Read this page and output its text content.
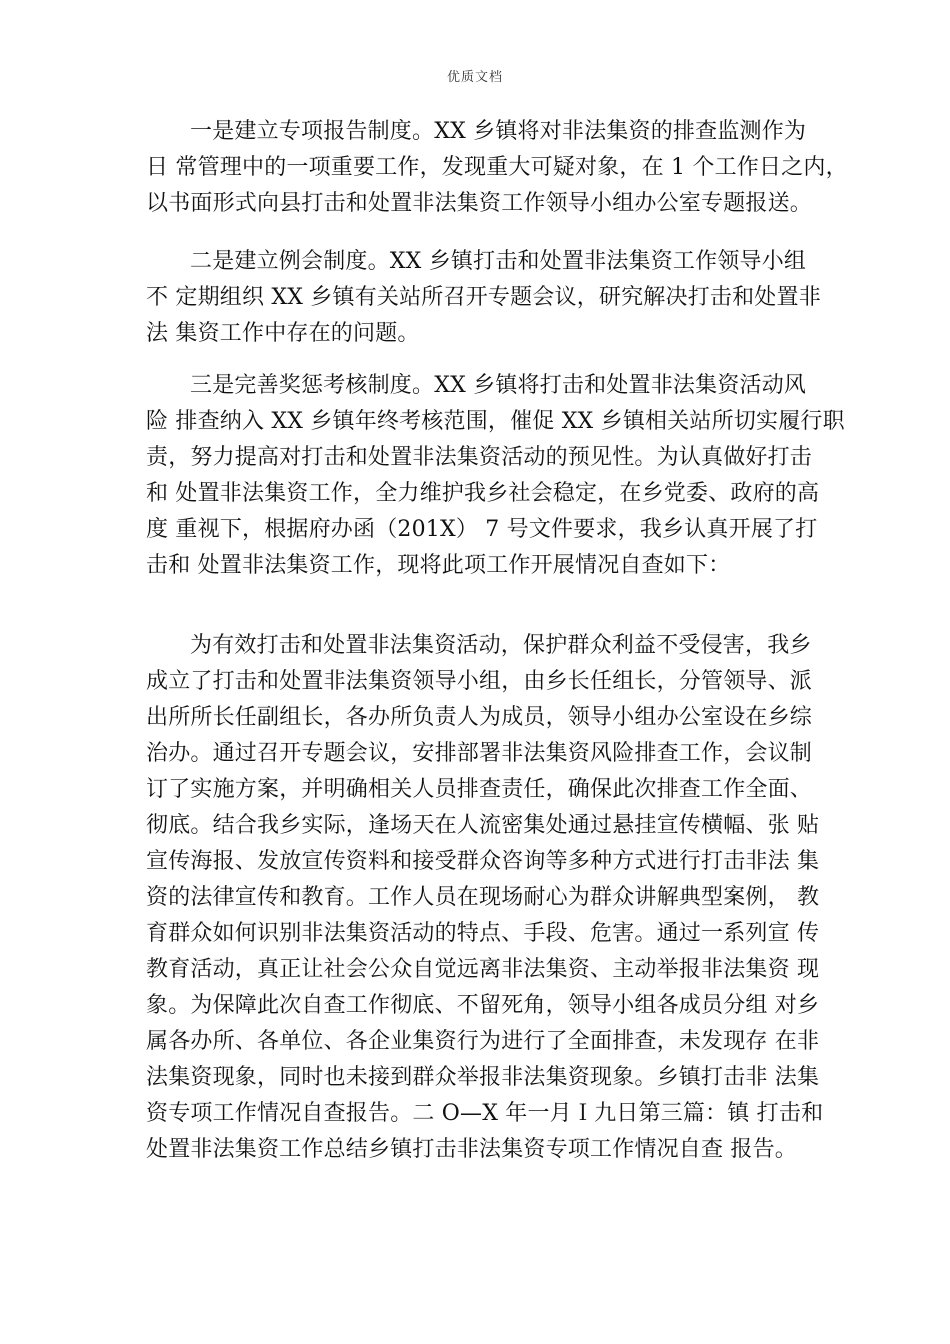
优质文档
一是建立专项报告制度。XX 乡镇将对非法集资的排查监测作为
日 常管理中的一项重要工作，发现重大可疑对象，在 1 个工作日之内，
以书面形式向县打击和处置非法集资工作领导小组办公室专题报送。
二是建立例会制度。XX 乡镇打击和处置非法集资工作领导小组
不 定期组织 XX 乡镇有关站所召开专题会议，研究解决打击和处置非
法 集资工作中存在的问题。
三是完善奖惩考核制度。XX 乡镇将打击和处置非法集资活动风
险 排查纳入 XX 乡镇年终考核范围，催促 XX 乡镇相关站所切实履行职
责，努力提高对打击和处置非法集资活动的预见性。为认真做好打击
和 处置非法集资工作，全力维护我乡社会稳定，在乡党委、政府的高
度 重视下，根据府办函（201X） 7 号文件要求，我乡认真开展了打
击和 处置非法集资工作，现将此项工作开展情况自查如下：
为有效打击和处置非法集资活动，保护群众利益不受侵害，我乡
成立了打击和处置非法集资领导小组，由乡长任组长，分管领导、派
出所所长任副组长，各办所负责人为成员，领导小组办公室设在乡综
治办。通过召开专题会议，安排部署非法集资风险排查工作，会议制
订了实施方案，并明确相关人员排查责任，确保此次排查工作全面、
彻底。结合我乡实际，逢场天在人流密集处通过悬挂宣传横幅、张 贴
宣传海报、发放宣传资料和接受群众咨询等多种方式进行打击非法 集
资的法律宣传和教育。工作人员在现场耐心为群众讲解典型案例， 教
育群众如何识别非法集资活动的特点、手段、危害。通过一系列宣 传
教育活动，真正让社会公众自觉远离非法集资、主动举报非法集资 现
象。为保障此次自查工作彻底、不留死角，领导小组各成员分组 对乡
属各办所、各单位、各企业集资行为进行了全面排查，未发现存 在非
法集资现象，同时也未接到群众举报非法集资现象。乡镇打击非 法集
资专项工作情况自查报告。二 O—X 年一月Ｉ九日第三篇：镇 打击和
处置非法集资工作总结乡镇打击非法集资专项工作情况自查 报告。
